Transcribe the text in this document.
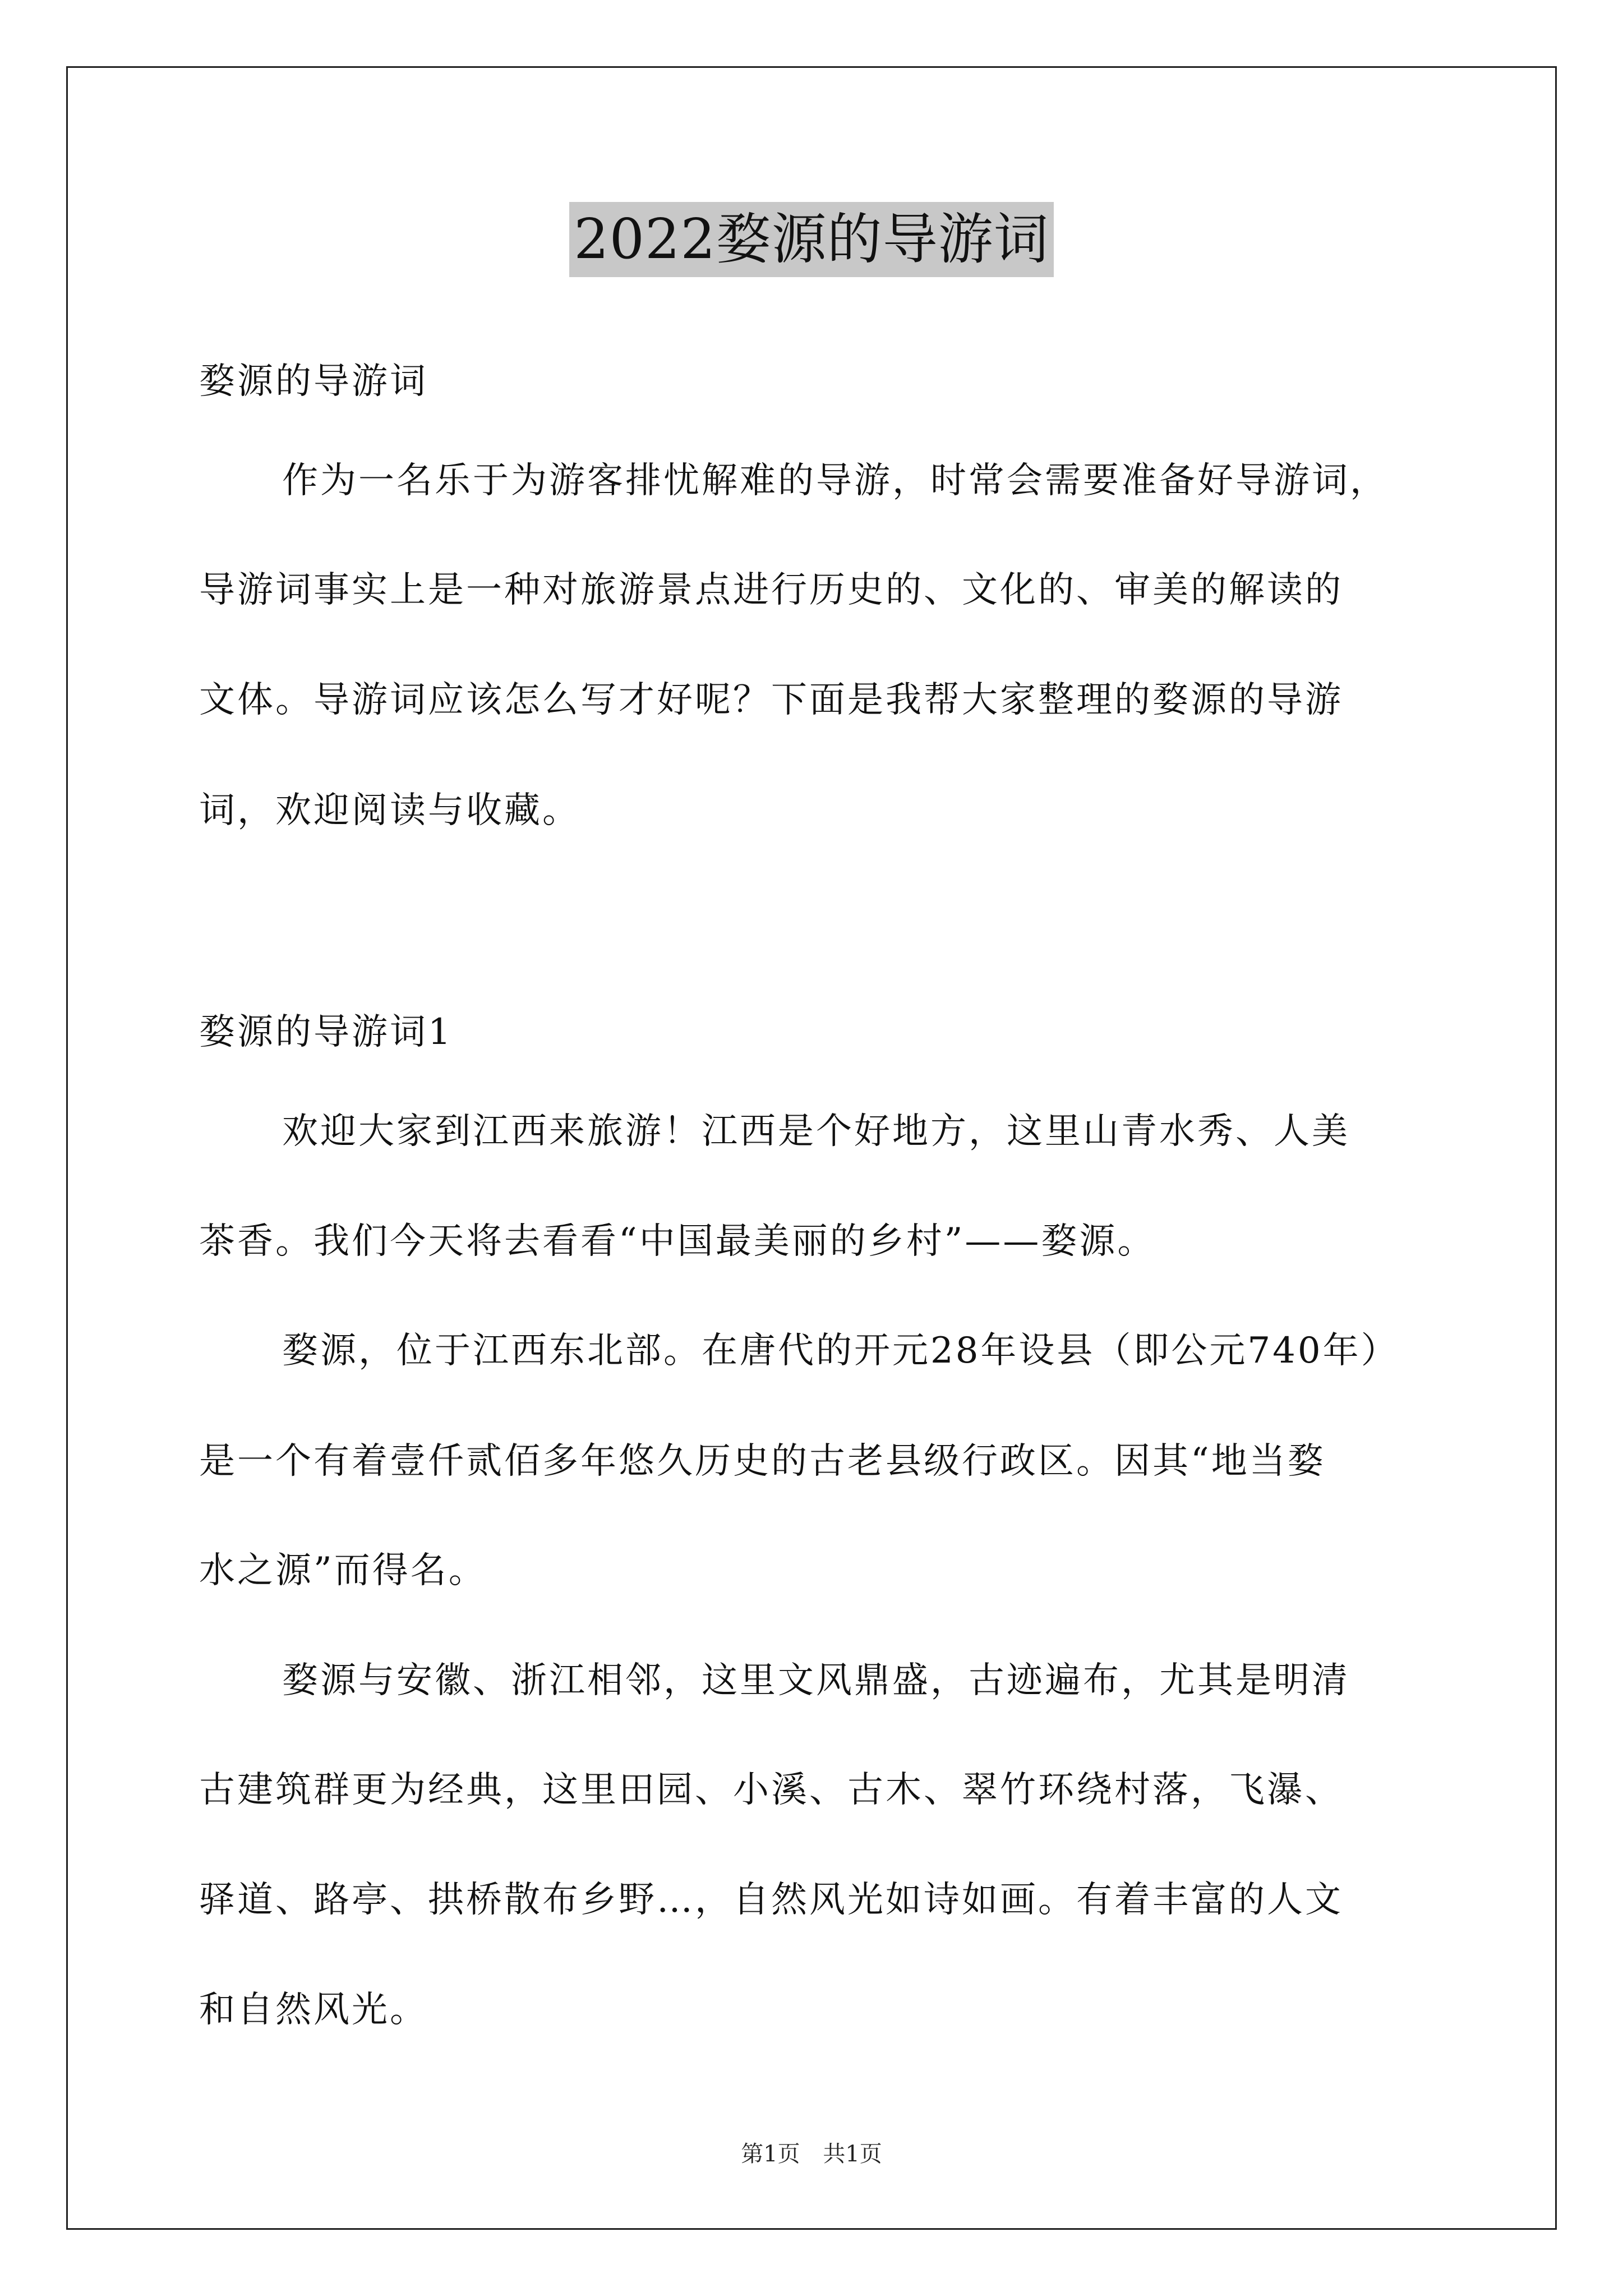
2022婺源的导游词
婺源的导游词
作为一名乐于为游客排忧解难的导游，时常会需要准备好导游词，
导游词事实上是一种对旅游景点进行历史的、文化的、审美的解读的
文体。导游词应该怎么写才好呢？下面是我帮大家整理的婺源的导游
词，欢迎阅读与收藏。
婺源的导游词1
欢迎大家到江西来旅游！江西是个好地方，这里山青水秀、人美
茶香。我们今天将去看看“中国最美丽的乡村”——婺源。
婺源，位于江西东北部。在唐代的开元28年设县（即公元740年）
是一个有着壹仟贰佰多年悠久历史的古老县级行政区。因其“地当婺
水之源”而得名。
婺源与安徽、浙江相邻，这里文风鼎盛，古迹遍布，尤其是明清
古建筑群更为经典，这里田园、小溪、古木、翠竹环绕村落，飞瀑、
驿道、路亭、拱桥散布乡野…，自然风光如诗如画。有着丰富的人文
和自然风光。
第1页 共1页
